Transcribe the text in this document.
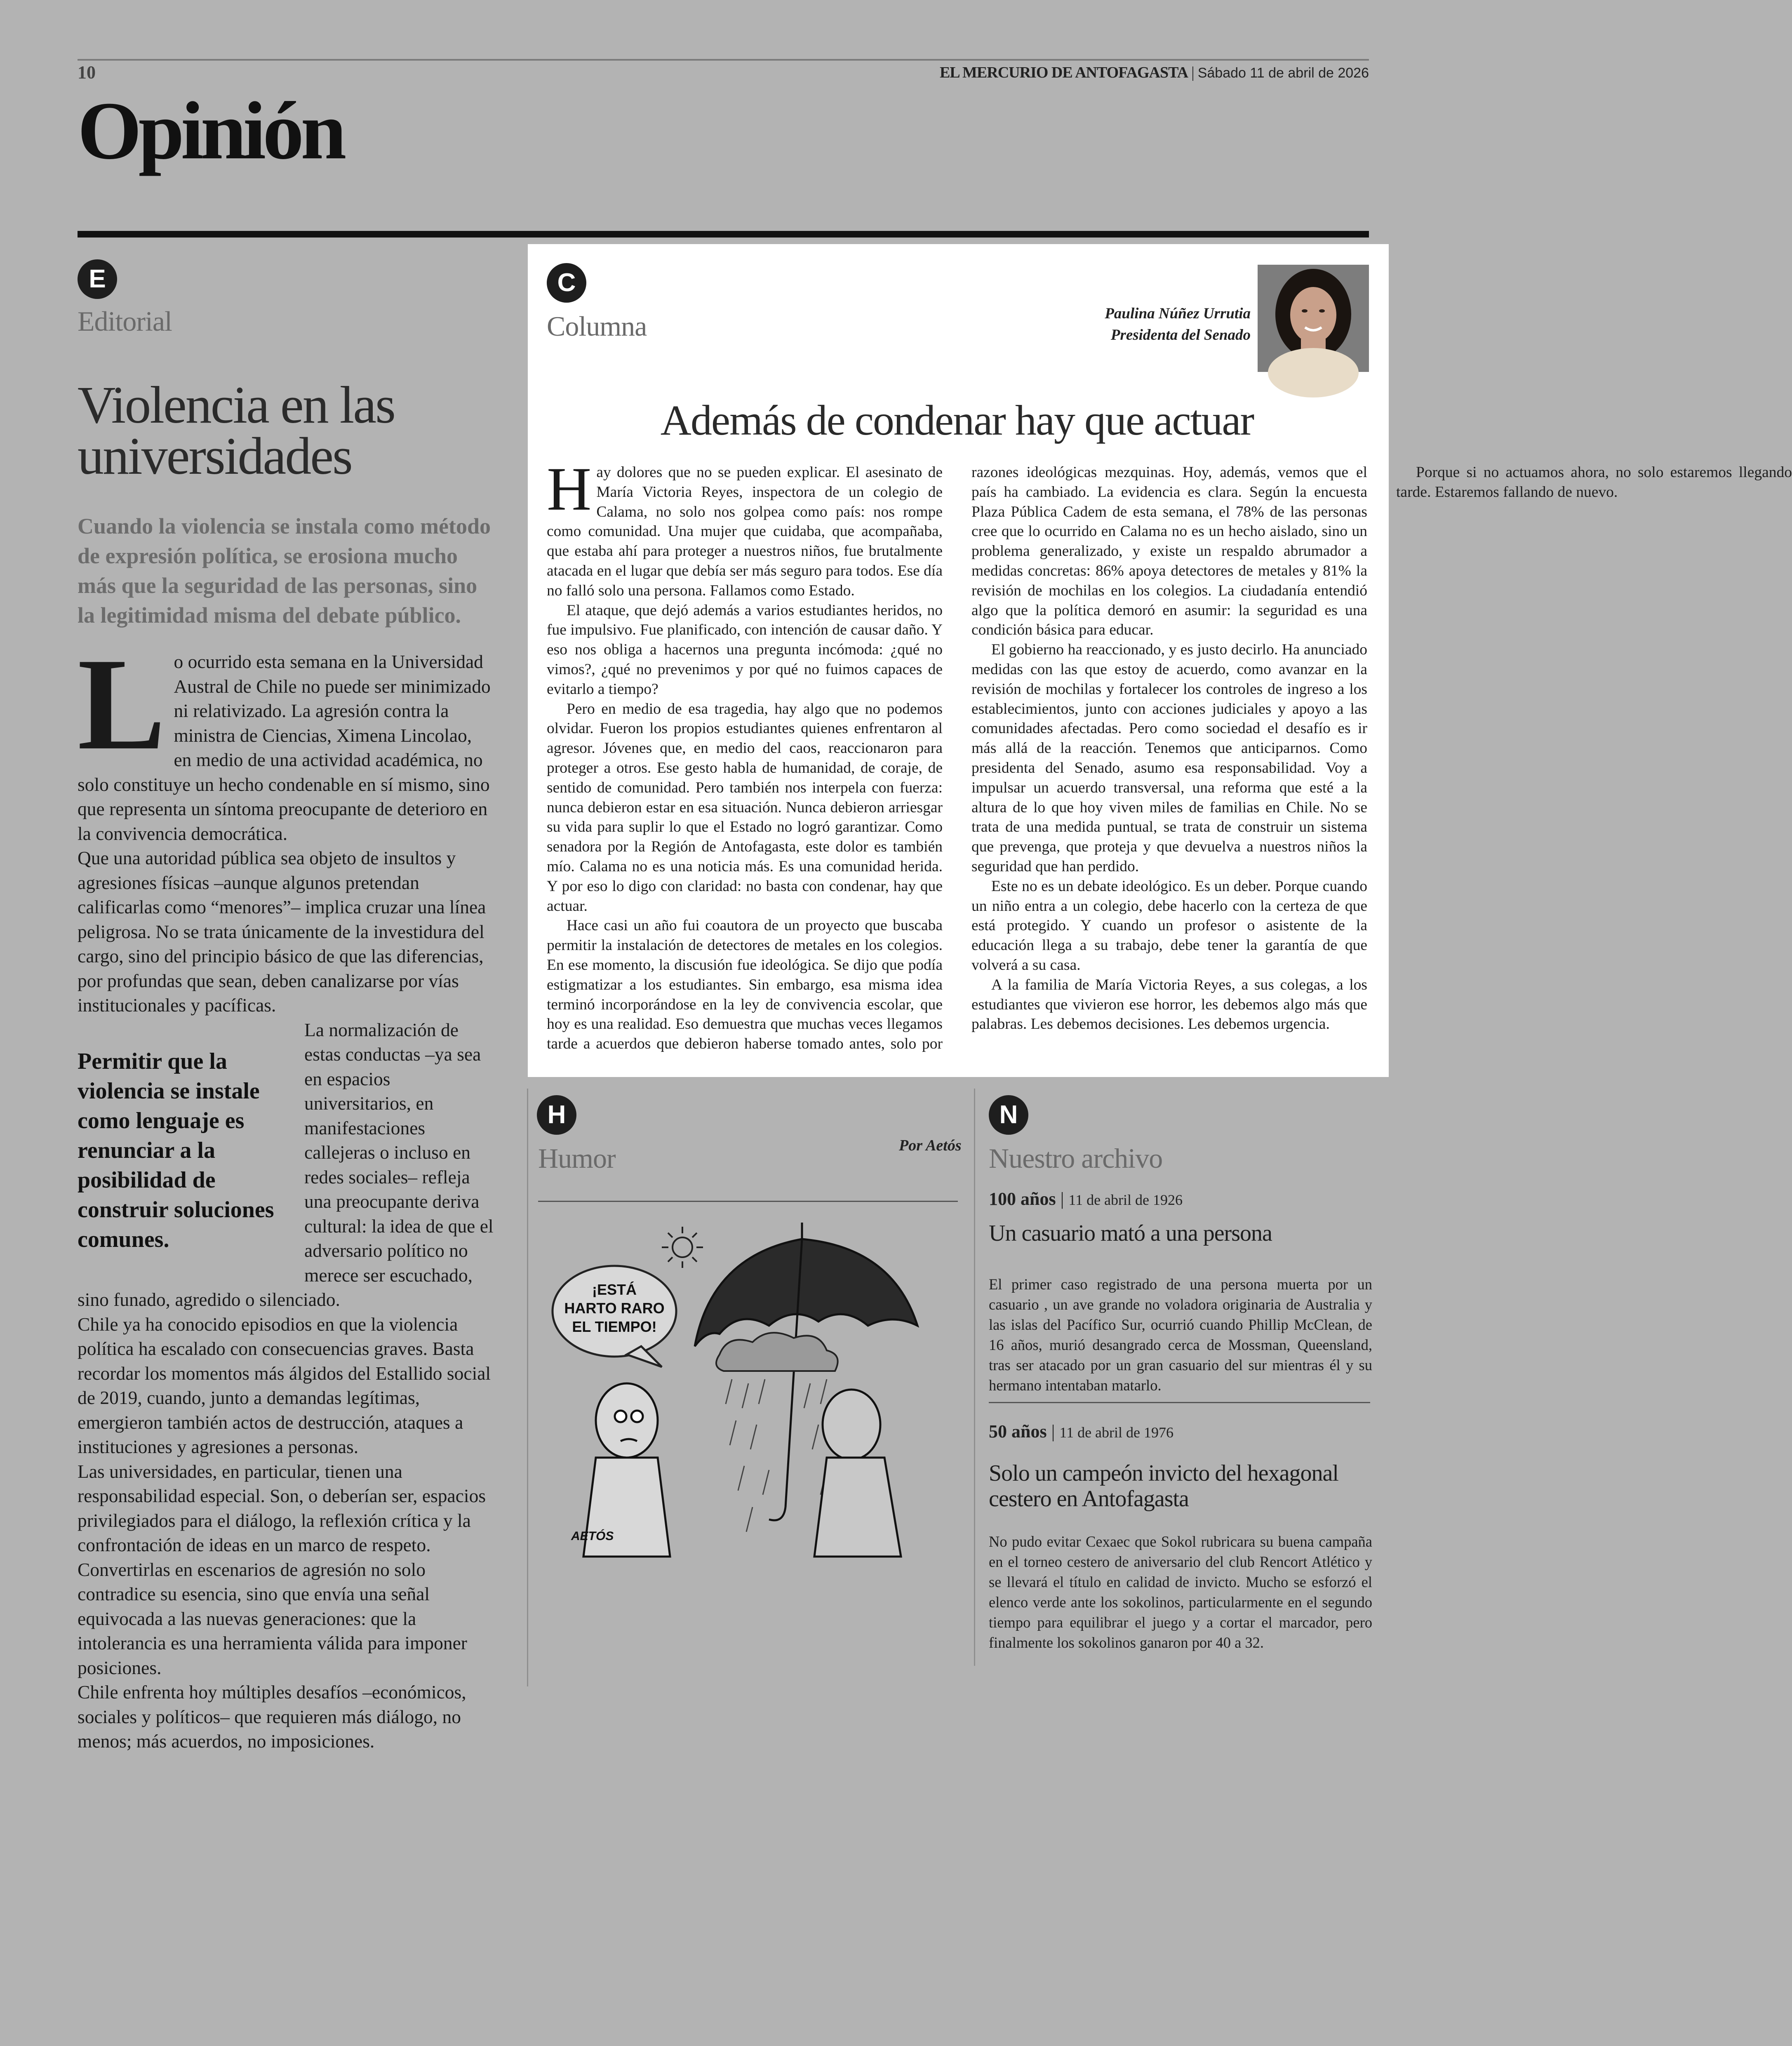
10	EL MERCURIO DE ANTOFAGASTA | Sábado 11 de abril de 2026
Opinión
E
Editorial
Violencia en las universidades
Cuando la violencia se instala como método de expresión política, se erosiona mucho más que la seguridad de las personas, sino la legitimidad misma del debate público.

Lo ocurrido esta semana en la Universidad Austral de Chile no puede ser minimizado ni relativizado. La agresión contra la ministra de Ciencias, Ximena Lincolao, en medio de una actividad académica, no solo constituye un hecho condenable en sí mismo, sino que representa un síntoma preocupante de deterioro en la convivencia democrática.

Que una autoridad pública sea objeto de insultos y agresiones físicas –aunque algunos pretendan calificarlas como “menores”– implica cruzar una línea peligrosa. No se trata únicamente de la investidura del cargo, sino del principio básico de que las diferencias, por profundas que sean, deben canalizarse por vías institucionales y pacíficas.

Permitir que la violencia se instale como lenguaje es renunciar a la posibilidad de construir soluciones comunes.
La normalización de estas conductas –ya sea en espacios universitarios, en manifestaciones callejeras o incluso en redes sociales– refleja una preocupante deriva cultural: la idea de que el adversario político no merece ser escuchado, sino funado, agredido o silenciado.

Chile ya ha conocido episodios en que la violencia política ha escalado con consecuencias graves. Basta recordar los momentos más álgidos del Estallido social de 2019, cuando, junto a demandas legítimas, emergieron también actos de destrucción, ataques a instituciones y agresiones a personas.

Las universidades, en particular, tienen una responsabilidad especial. Son, o deberían ser, espacios privilegiados para el diálogo, la reflexión crítica y la confrontación de ideas en un marco de respeto. Convertirlas en escenarios de agresión no solo contradice su esencia, sino que envía una señal equivocada a las nuevas generaciones: que la intolerancia es una herramienta válida para imponer posiciones.

Chile enfrenta hoy múltiples desafíos –económicos, sociales y políticos– que requieren más diálogo, no menos; más acuerdos, no imposiciones.

C
Columna	Paulina Núñez Urrutia
Presidenta del Senado
Además de condenar hay que actuar

Hay dolores que no se pueden explicar. El asesinato de María Victoria Reyes, inspectora de un colegio de Calama, no solo nos golpea como país: nos rompe como comunidad. Una mujer que cuidaba, que acompañaba, que estaba ahí para proteger a nuestros niños, fue brutalmente atacada en el lugar que debía ser más seguro para todos. Ese día no falló solo una persona. Fallamos como Estado.

El ataque, que dejó además a varios estudiantes heridos, no fue impulsivo. Fue planificado, con intención de causar daño. Y eso nos obliga a hacernos una pregunta incómoda: ¿qué no vimos?, ¿qué no prevenimos y por qué no fuimos capaces de evitarlo a tiempo?

Pero en medio de esa tragedia, hay algo que no podemos olvidar. Fueron los propios estudiantes quienes enfrentaron al agresor. Jóvenes que, en medio del caos, reaccionaron para proteger a otros. Ese gesto habla de humanidad, de coraje, de sentido de comunidad. Pero también nos interpela con fuerza: nunca debieron estar en esa situación. Nunca debieron arriesgar su vida para suplir lo que el Estado no logró garantizar. Como senadora por la Región de Antofagasta, este dolor es también mío. Calama no es una noticia más. Es una comunidad herida. Y por eso lo digo con claridad: no basta con condenar, hay que actuar.

Hace casi un año fui coautora de un proyecto que buscaba permitir la instalación de detectores de metales en los colegios. En ese momento, la discusión fue ideológica. Se dijo que podía estigmatizar a los estudiantes. Sin embargo, esa misma idea terminó incorporándose en la ley de convivencia escolar, que hoy es una realidad. Eso demuestra que muchas veces llegamos tarde a acuerdos que debieron haberse tomado antes, solo por razones ideológicas mezquinas. Hoy, además, vemos que el país ha cambiado. La evidencia es clara. Según la encuesta Plaza Pública Cadem de esta semana, el 78% de las personas cree que lo ocurrido en Calama no es un hecho aislado, sino un problema generalizado, y existe un respaldo abrumador a medidas concretas: 86% apoya detectores de metales y 81% la revisión de mochilas en los colegios. La ciudadanía entendió algo que la política demoró en asumir: la seguridad es una condición básica para educar.

El gobierno ha reaccionado, y es justo decirlo. Ha anunciado medidas con las que estoy de acuerdo, como avanzar en la revisión de mochilas y fortalecer los controles de ingreso a los establecimientos, junto con acciones judiciales y apoyo a las comunidades afectadas. Pero como sociedad el desafío es ir más allá de la reacción. Tenemos que anticiparnos. Como presidenta del Senado, asumo esa responsabilidad. Voy a impulsar un acuerdo transversal, una reforma que esté a la altura de lo que hoy viven miles de familias en Chile. No se trata de una medida puntual, se trata de construir un sistema que prevenga, que proteja y que devuelva a nuestros niños la seguridad que han perdido.

Este no es un debate ideológico. Es un deber. Porque cuando un niño entra a un colegio, debe hacerlo con la certeza de que está protegido. Y cuando un profesor o asistente de la educación llega a su trabajo, debe tener la garantía de que volverá a su casa.

A la familia de María Victoria Reyes, a sus colegas, a los estudiantes que vivieron ese horror, les debemos algo más que palabras. Les debemos decisiones. Les debemos urgencia.

Porque si no actuamos ahora, no solo estaremos llegando tarde. Estaremos fallando de nuevo.

H
Humor	Por Aetós
¡ESTÁ
HARTO RARO
EL TIEMPO!
AETÓS
N
Nuestro archivo
100 años | 11 de abril de 1926
Un casuario mató a una persona
El primer caso registrado de una persona muerta por un casuario , un ave grande no voladora originaria de Australia y las islas del Pacífico Sur, ocurrió cuando Phillip McClean, de 16 años, murió desangrado cerca de Mossman, Queensland, tras ser atacado por un gran casuario del sur mientras él y su hermano intentaban matarlo.
50 años | 11 de abril de 1976
Solo un campeón invicto del hexagonal cestero en Antofagasta
No pudo evitar Cexaec que Sokol rubricara su buena campaña en el torneo cestero de aniversario del club Rencort Atlético y se llevará el título en calidad de invicto. Mucho se esforzó el elenco verde ante los sokolinos, particularmente en el segundo tiempo para equilibrar el juego y a cortar el marcador, pero finalmente los sokolinos ganaron por 40 a 32.
